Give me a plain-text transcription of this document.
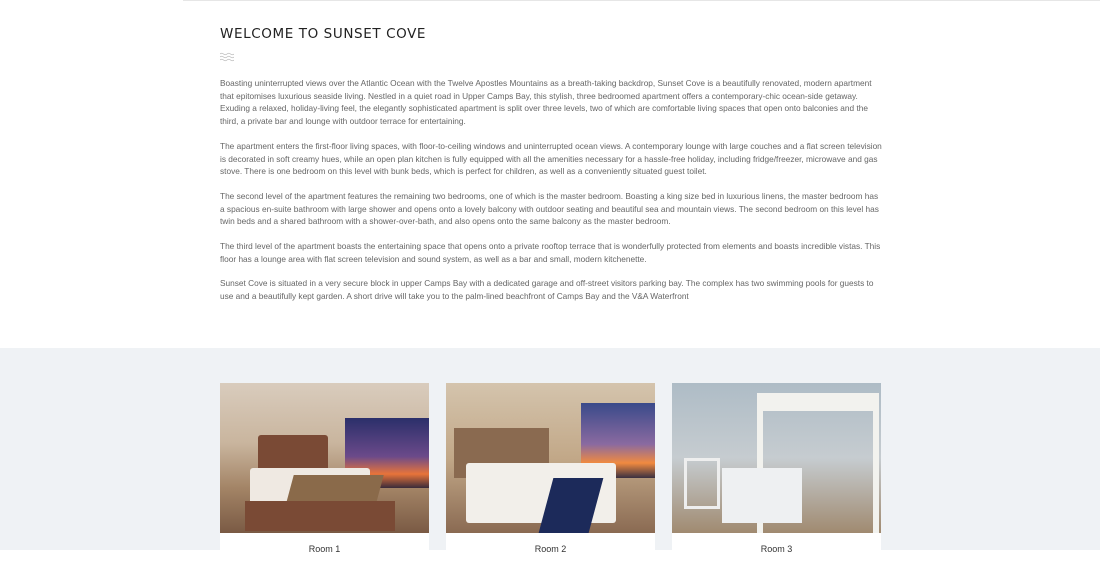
WELCOME TO SUNSET COVE

Boasting uninterrupted views over the Atlantic Ocean with the Twelve Apostles Mountains as a breath-taking backdrop, Sunset Cove is a beautifully renovated, modern apartment that epitomises luxurious seaside living. Nestled in a quiet road in Upper Camps Bay, this stylish, three bedroomed apartment offers a contemporary-chic ocean-side getaway. Exuding a relaxed, holiday-living feel, the elegantly sophisticated apartment is split over three levels, two of which are comfortable living spaces that open onto balconies and the third, a private bar and lounge with outdoor terrace for entertaining.

The apartment enters the first-floor living spaces, with floor-to-ceiling windows and uninterrupted ocean views. A contemporary lounge with large couches and a flat screen television is decorated in soft creamy hues, while an open plan kitchen is fully equipped with all the amenities necessary for a hassle-free holiday, including fridge/freezer, microwave and gas stove. There is one bedroom on this level with bunk beds, which is perfect for children, as well as a conveniently situated guest toilet.

The second level of the apartment features the remaining two bedrooms, one of which is the master bedroom. Boasting a king size bed in luxurious linens, the master bedroom has a spacious en-suite bathroom with large shower and opens onto a lovely balcony with outdoor seating and beautiful sea and mountain views. The second bedroom on this level has twin beds and a shared bathroom with a shower-over-bath, and also opens onto the same balcony as the master bedroom.

The third level of the apartment boasts the entertaining space that opens onto a private rooftop terrace that is wonderfully protected from elements and boasts incredible vistas. This floor has a lounge area with flat screen television and sound system, as well as a bar and small, modern kitchenette.

Sunset Cove is situated in a very secure block in upper Camps Bay with a dedicated garage and off-street visitors parking bay. The complex has two swimming pools for guests to use and a beautifully kept garden. A short drive will take you to the palm-lined beachfront of Camps Bay and the V&A Waterfront

Room 1	Room 2	Room 3
